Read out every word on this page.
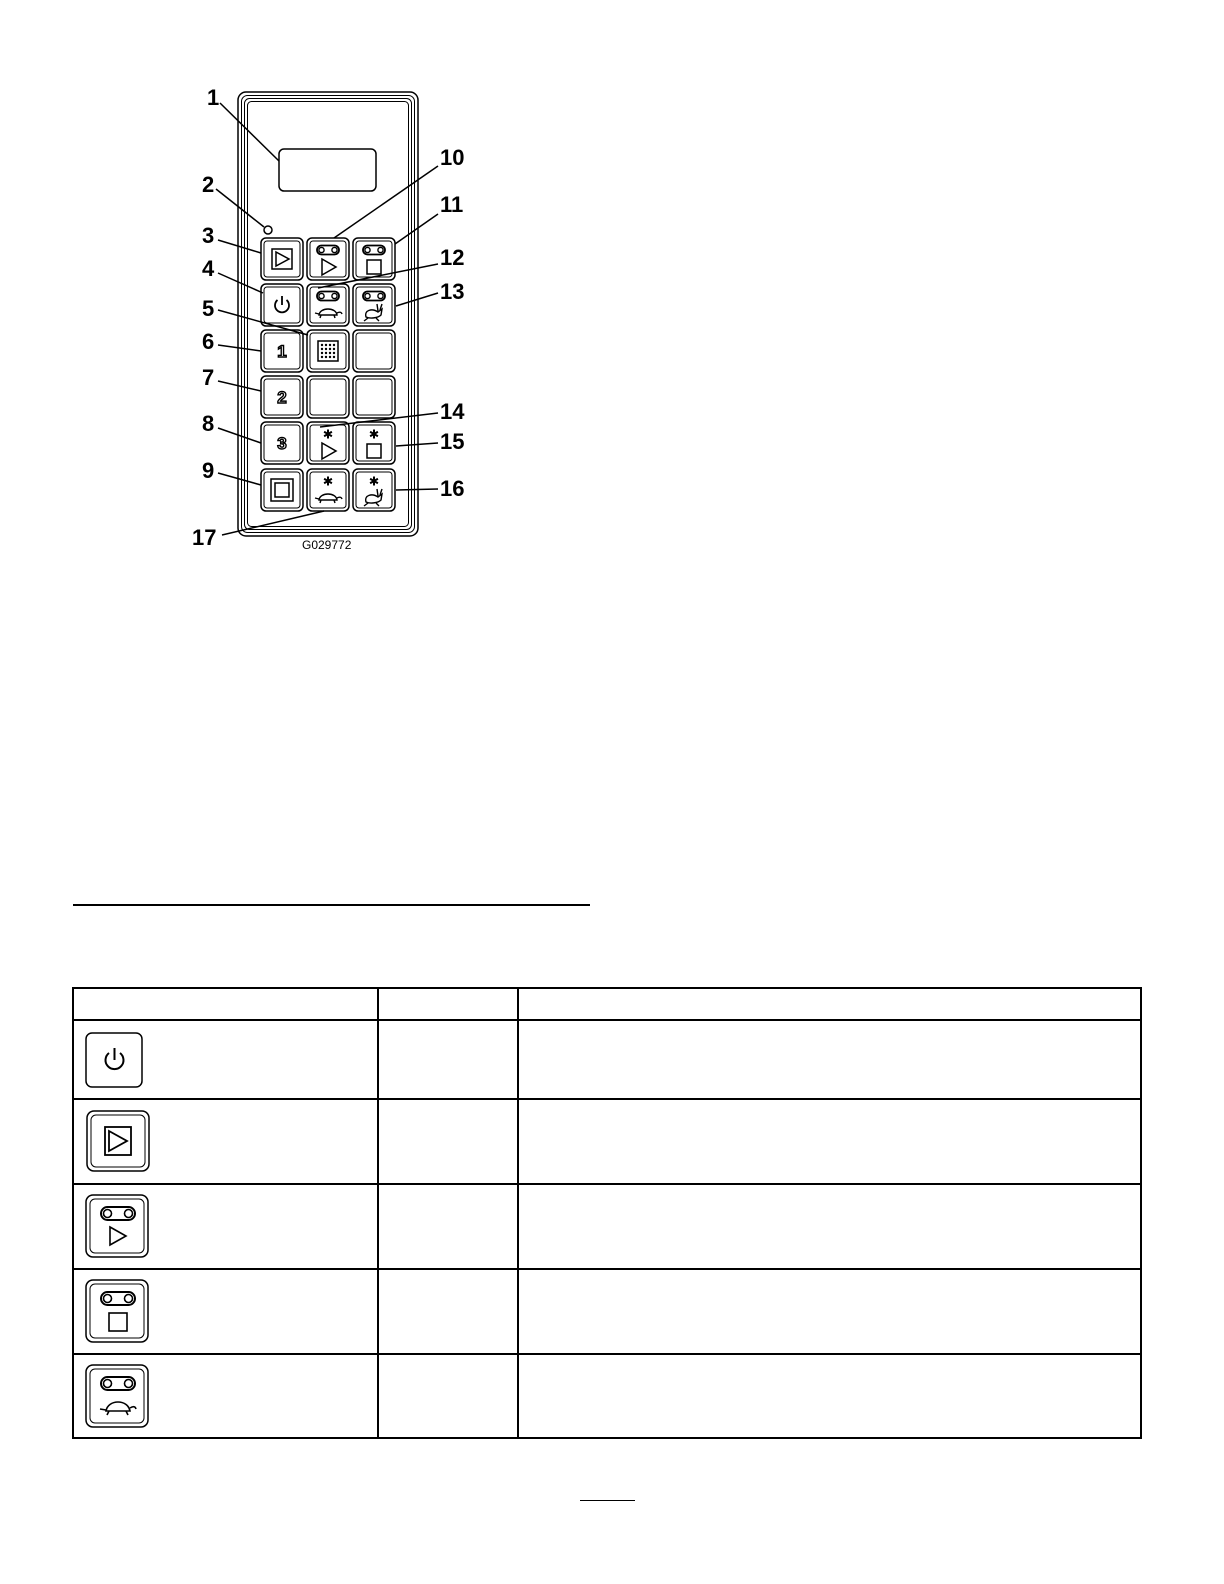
1
2
3
1
2
3
4
5
6
7
8
9
10
11
12
13
14
15
16
17	G029772
